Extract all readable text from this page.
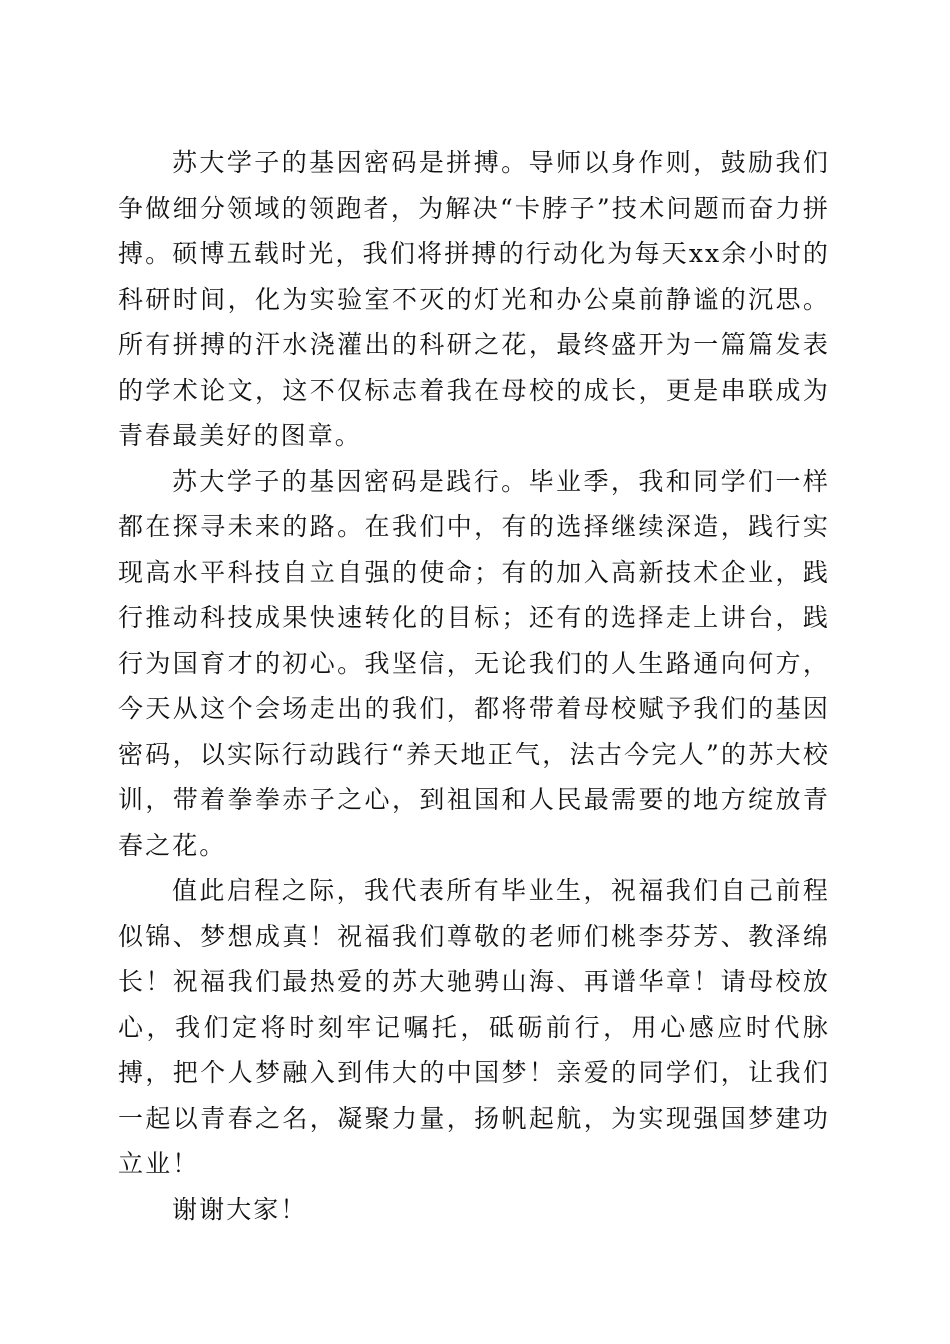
苏大学子的基因密码是拼搏。导师以身作则，鼓励我们争做细分领域的领跑者，为解决“卡脖子”技术问题而奋力拼搏。硕博五载时光，我们将拼搏的行动化为每天xx余小时的科研时间，化为实验室不灭的灯光和办公桌前静谧的沉思。所有拼搏的汗水浇灌出的科研之花，最终盛开为一篇篇发表的学术论文，这不仅标志着我在母校的成长，更是串联成为青春最美好的图章。

苏大学子的基因密码是践行。毕业季，我和同学们一样都在探寻未来的路。在我们中，有的选择继续深造，践行实现高水平科技自立自强的使命；有的加入高新技术企业，践行推动科技成果快速转化的目标；还有的选择走上讲台，践行为国育才的初心。我坚信，无论我们的人生路通向何方，今天从这个会场走出的我们，都将带着母校赋予我们的基因密码，以实际行动践行“养天地正气，法古今完人”的苏大校训，带着拳拳赤子之心，到祖国和人民最需要的地方绽放青春之花。

值此启程之际，我代表所有毕业生，祝福我们自己前程似锦、梦想成真！祝福我们尊敬的老师们桃李芬芳、教泽绵长！祝福我们最热爱的苏大驰骋山海、再谱华章！请母校放心，我们定将时刻牢记嘱托，砥砺前行，用心感应时代脉搏，把个人梦融入到伟大的中国梦！亲爱的同学们，让我们一起以青春之名，凝聚力量，扬帆起航，为实现强国梦建功立业！

谢谢大家！
